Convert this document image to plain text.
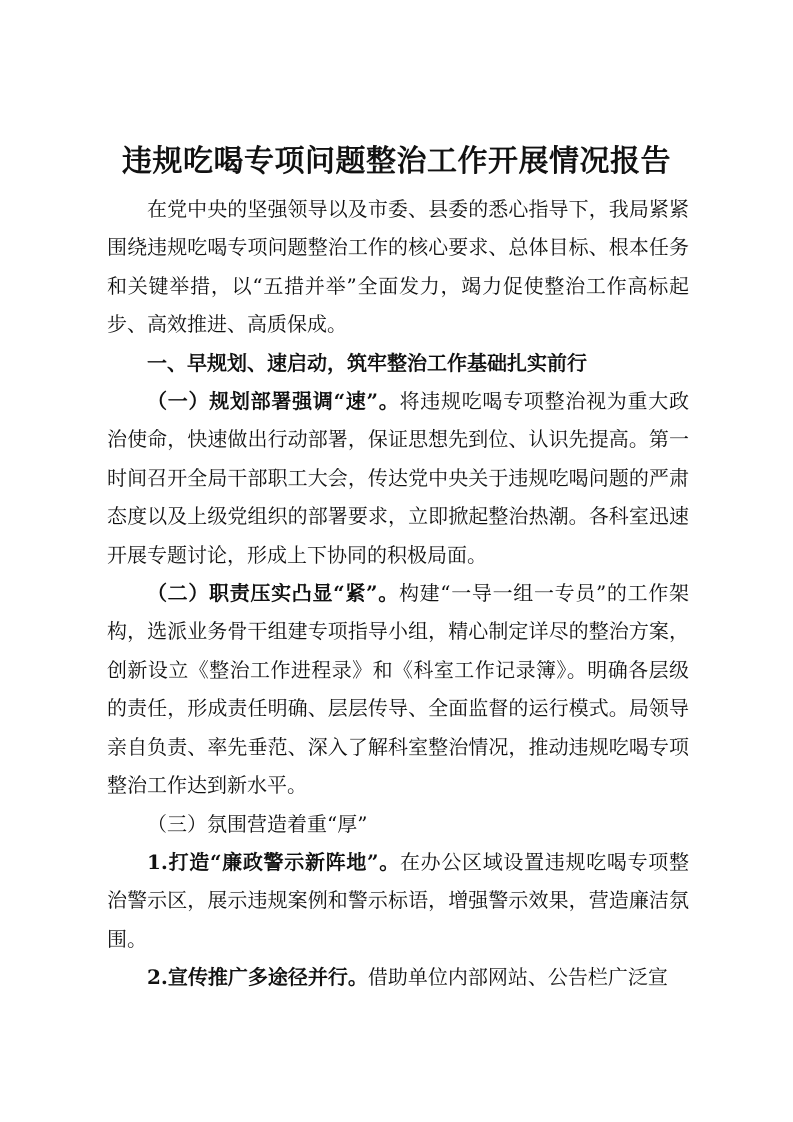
违规吃喝专项问题整治工作开展情况报告

在党中央的坚强领导以及市委、县委的悉心指导下，我局紧紧围绕违规吃喝专项问题整治工作的核心要求、总体目标、根本任务和关键举措，以“五措并举”全面发力，竭力促使整治工作高标起步、高效推进、高质保成。

一、早规划、速启动，筑牢整治工作基础扎实前行

（一）规划部署强调“速”。将违规吃喝专项整治视为重大政治使命，快速做出行动部署，保证思想先到位、认识先提高。第一时间召开全局干部职工大会，传达党中央关于违规吃喝问题的严肃态度以及上级党组织的部署要求，立即掀起整治热潮。各科室迅速开展专题讨论，形成上下协同的积极局面。

（二）职责压实凸显“紧”。构建“一导一组一专员”的工作架构，选派业务骨干组建专项指导小组，精心制定详尽的整治方案，创新设立《整治工作进程录》和《科室工作记录簿》。明确各层级的责任，形成责任明确、层层传导、全面监督的运行模式。局领导亲自负责、率先垂范、深入了解科室整治情况，推动违规吃喝专项整治工作达到新水平。

（三）氛围营造着重“厚”

1.打造“廉政警示新阵地”。在办公区域设置违规吃喝专项整治警示区，展示违规案例和警示标语，增强警示效果，营造廉洁氛围。

2.宣传推广多途径并行。借助单位内部网站、公告栏广泛宣
